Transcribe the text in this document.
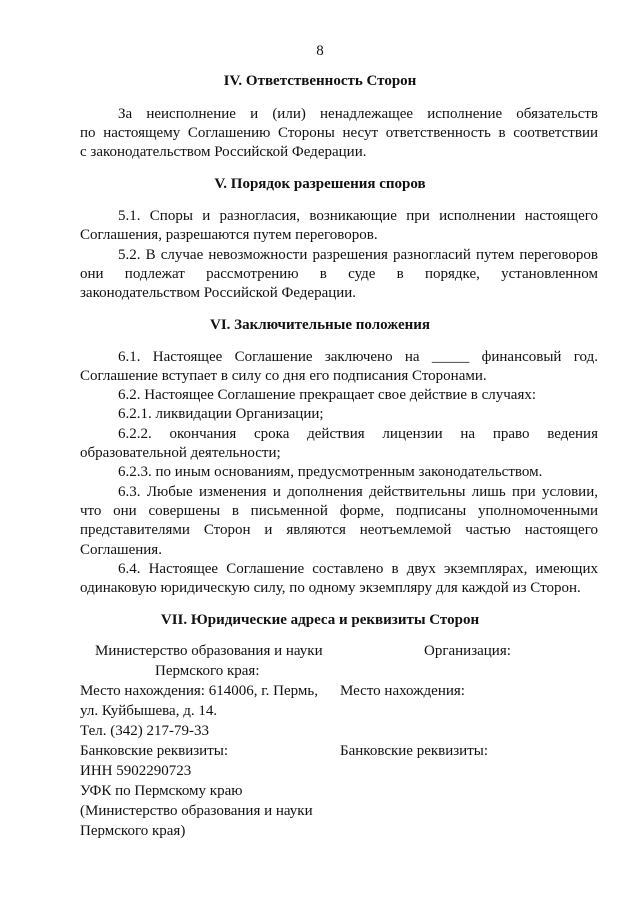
8
IV. Ответственность Сторон
За неисполнение и (или) ненадлежащее исполнение обязательств
по настоящему Соглашению Стороны несут ответственность в соответствии
с законодательством Российской Федерации.
V. Порядок разрешения споров
5.1. Споры и разногласия, возникающие при исполнении настоящего
Соглашения, разрешаются путем переговоров.
5.2. В случае невозможности разрешения разногласий путем переговоров
они подлежат рассмотрению в суде в порядке, установленном
законодательством Российской Федерации.
VI. Заключительные положения
6.1. Настоящее Соглашение заключено на _____ финансовый год.
Соглашение вступает в силу со дня его подписания Сторонами.
6.2. Настоящее Соглашение прекращает свое действие в случаях:
6.2.1. ликвидации Организации;
6.2.2. окончания срока действия лицензии на право ведения
образовательной деятельности;
6.2.3. по иным основаниям, предусмотренным законодательством.
6.3. Любые изменения и дополнения действительны лишь при условии,
что они совершены в письменной форме, подписаны уполномоченными
представителями Сторон и являются неотъемлемой частью настоящего
Соглашения.
6.4. Настоящее Соглашение составлено в двух экземплярах, имеющих
одинаковую юридическую силу, по одному экземпляру для каждой из Сторон.
VII. Юридические адреса и реквизиты Сторон
Министерство образования и науки
Пермского края:
Место нахождения: 614006, г. Пермь,
ул. Куйбышева, д. 14.
Тел. (342) 217-79-33
Банковские реквизиты:
ИНН 5902290723
УФК по Пермскому краю
(Министерство образования и науки
Пермского края)
Организация:
Место нахождения:
Банковские реквизиты:
